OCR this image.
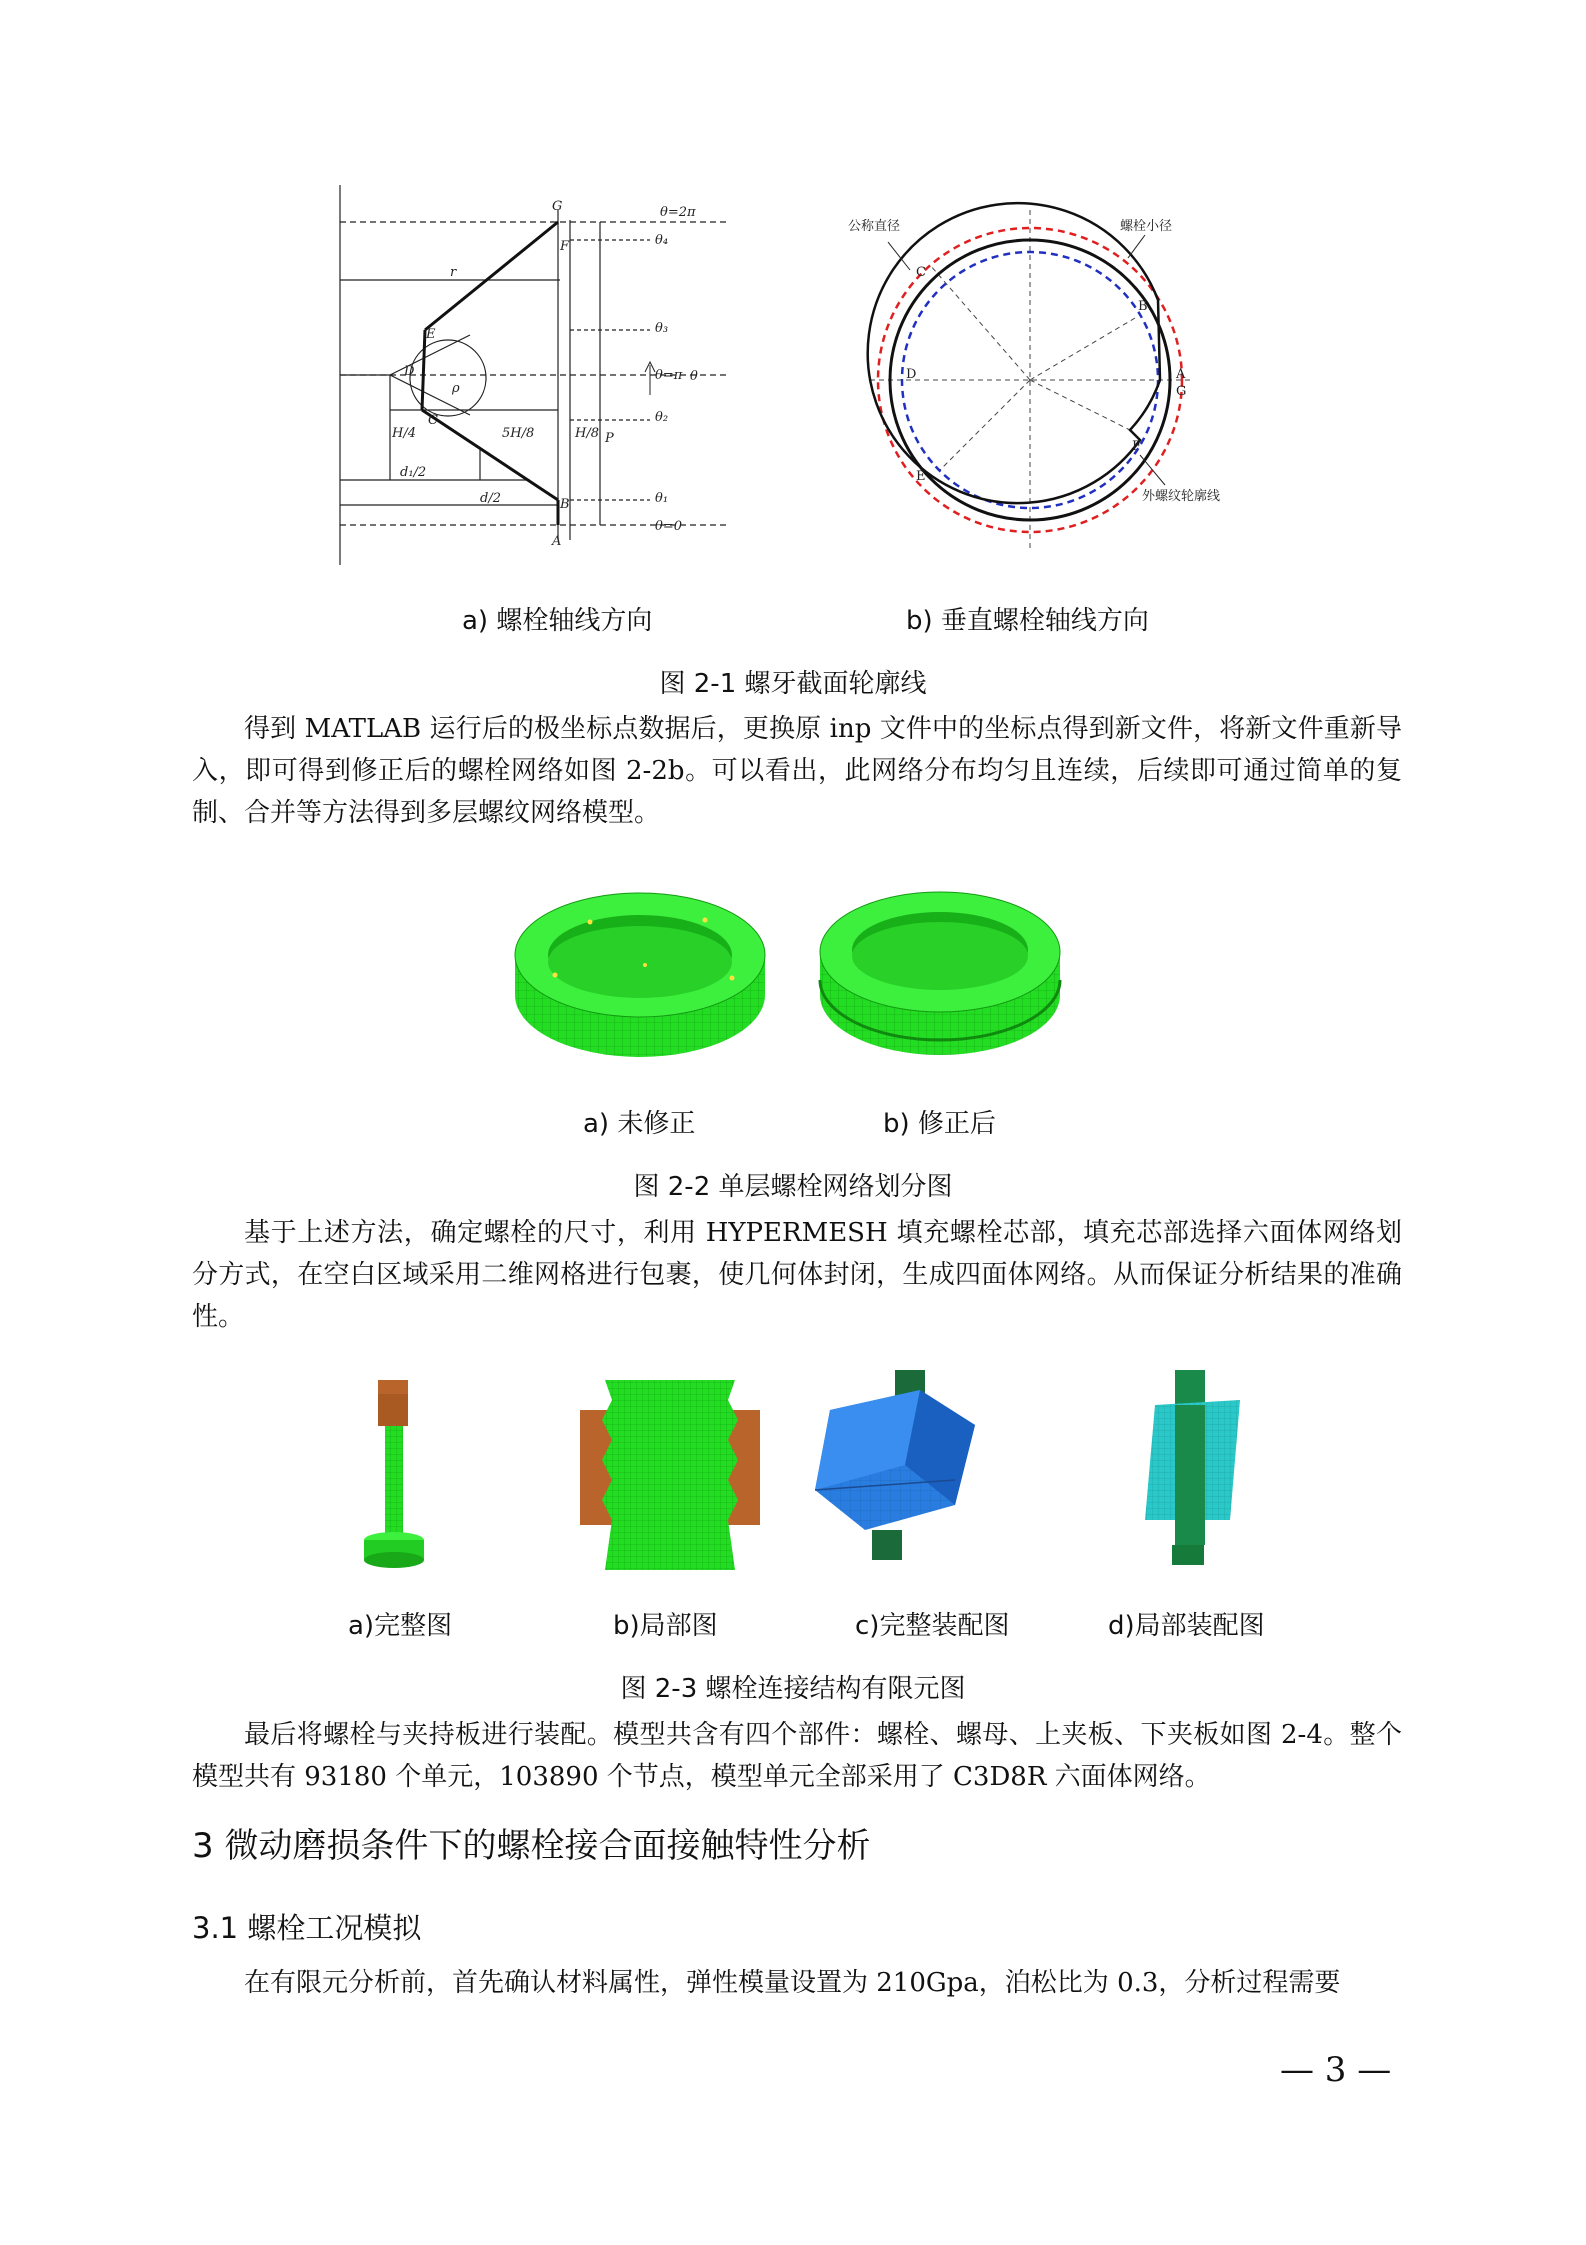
θ=2π
θ₄
θ₃
θ=π
θ₂
θ₁
θ=0
θ
r
ρ
5H/8	H/8
H/4	P
d₁/2
d/2
G
F
E
D
C
B
A
公称直径	螺栓小径
外螺纹轮廓线
A
G
B
C
D
E
F
a) 螺栓轴线方向	b) 垂直螺栓轴线方向
图 2-1 螺牙截面轮廓线

得到 MATLAB 运行后的极坐标点数据后，更换原 inp 文件中的坐标点得到新文件，将新文件重新导入，即可得到修正后的螺栓网络如图 2-2b。可以看出，此网络分布均匀且连续，后续即可通过简单的复制、合并等方法得到多层螺纹网络模型。

a) 未修正	b) 修正后
图 2-2 单层螺栓网络划分图

基于上述方法，确定螺栓的尺寸，利用 HYPERMESH 填充螺栓芯部，填充芯部选择六面体网络划分方式，在空白区域采用二维网格进行包裹，使几何体封闭，生成四面体网络。从而保证分析结果的准确性。

a)完整图	b)局部图	c)完整装配图	d)局部装配图
图 2-3 螺栓连接结构有限元图

最后将螺栓与夹持板进行装配。模型共含有四个部件：螺栓、螺母、上夹板、下夹板如图 2-4。整个模型共有 93180 个单元，103890 个节点，模型单元全部采用了 C3D8R 六面体网络。

3 微动磨损条件下的螺栓接合面接触特性分析
3.1 螺栓工况模拟

在有限元分析前，首先确认材料属性，弹性模量设置为 210Gpa，泊松比为 0.3，分析过程需要

— 3 —
